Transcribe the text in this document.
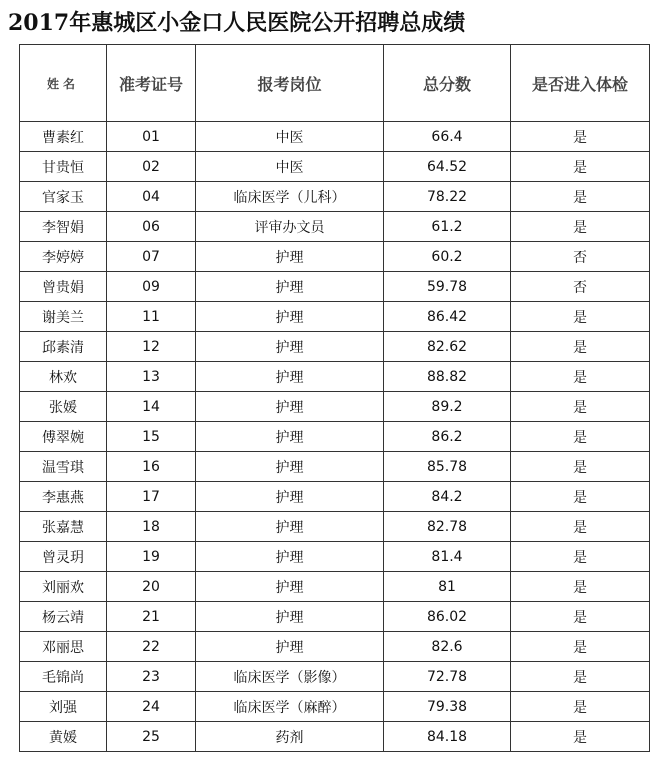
2017年惠城区小金口人民医院公开招聘总成绩
姓名	准考证号	报考岗位	总分数	是否进入体检
曹素红	01	中医	66.4	是
甘贵恒	02	中医	64.52	是
官家玉	04	临床医学（儿科）	78.22	是
李智娟	06	评审办文员	61.2	是
李婷婷	07	护理	60.2	否
曾贵娟	09	护理	59.78	否
谢美兰	11	护理	86.42	是
邱素清	12	护理	82.62	是
林欢	13	护理	88.82	是
张媛	14	护理	89.2	是
傅翠婉	15	护理	86.2	是
温雪琪	16	护理	85.78	是
李惠燕	17	护理	84.2	是
张嘉慧	18	护理	82.78	是
曾灵玥	19	护理	81.4	是
刘丽欢	20	护理	81	是
杨云靖	21	护理	86.02	是
邓丽思	22	护理	82.6	是
毛锦尚	23	临床医学（影像）	72.78	是
刘强	24	临床医学（麻醉）	79.38	是
黄媛	25	药剂	84.18	是
